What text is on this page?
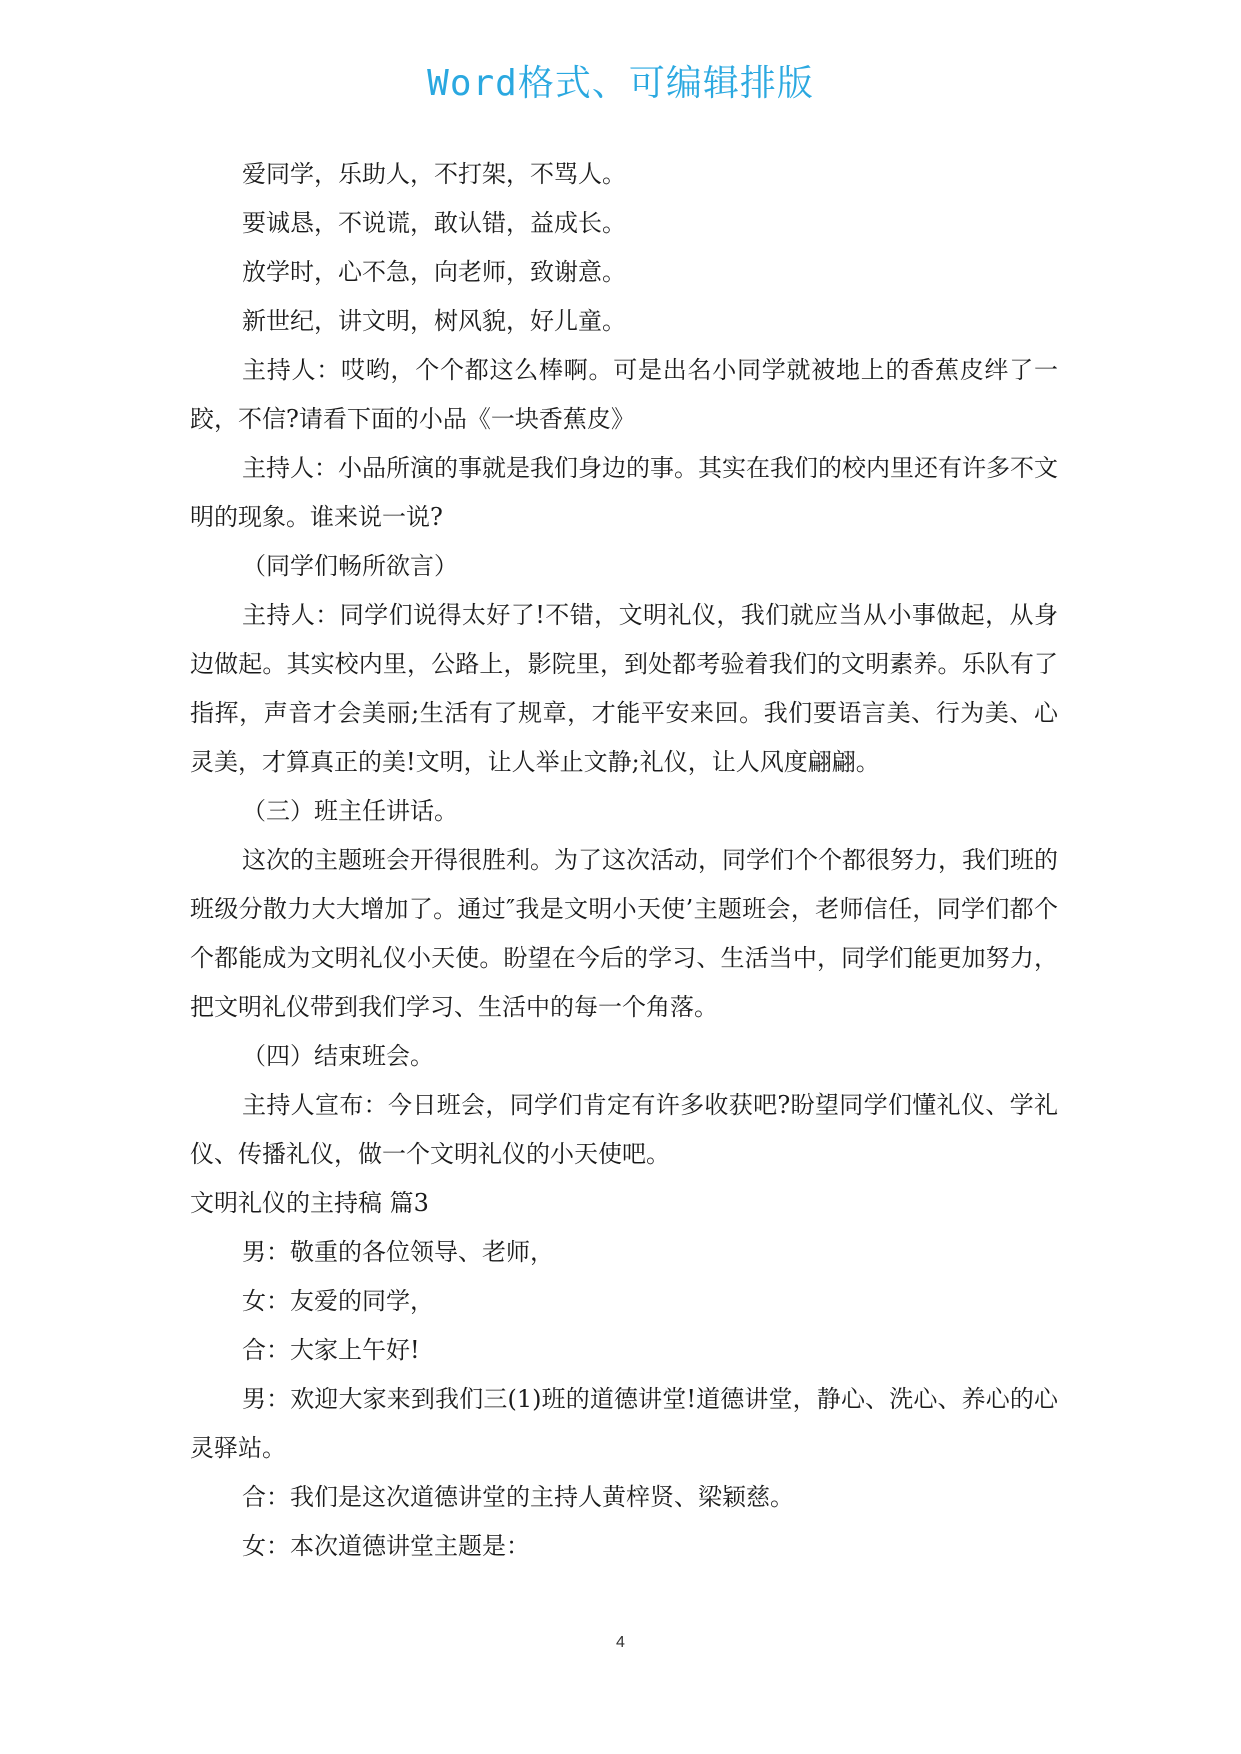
Word格式、可编辑排版

爱同学，乐助人，不打架，不骂人。

要诚恳，不说谎，敢认错，益成长。

放学时，心不急，向老师，致谢意。

新世纪，讲文明，树风貌，好儿童。

主持人：哎哟，个个都这么棒啊。可是出名小同学就被地上的香蕉皮绊了一跤，不信?请看下面的小品《一块香蕉皮》

主持人：小品所演的事就是我们身边的事。其实在我们的校内里还有许多不文明的现象。谁来说一说?

（同学们畅所欲言）

主持人：同学们说得太好了!不错，文明礼仪，我们就应当从小事做起，从身边做起。其实校内里，公路上，影院里，到处都考验着我们的文明素养。乐队有了指挥，声音才会美丽;生活有了规章，才能平安来回。我们要语言美、行为美、心灵美，才算真正的美!文明，让人举止文静;礼仪，让人风度翩翩。

（三）班主任讲话。

这次的主题班会开得很胜利。为了这次活动，同学们个个都很努力，我们班的班级分散力大大增加了。通过″我是文明小天使’主题班会，老师信任，同学们都个个都能成为文明礼仪小天使。盼望在今后的学习、生活当中，同学们能更加努力，把文明礼仪带到我们学习、生活中的每一个角落。

（四）结束班会。

主持人宣布：今日班会，同学们肯定有许多收获吧?盼望同学们懂礼仪、学礼仪、传播礼仪，做一个文明礼仪的小天使吧。

文明礼仪的主持稿 篇3

男：敬重的各位领导、老师，

女：友爱的同学，

合：大家上午好!

男：欢迎大家来到我们三(1)班的道德讲堂!道德讲堂，静心、洗心、养心的心灵驿站。

合：我们是这次道德讲堂的主持人黄梓贤、梁颖慈。

女：本次道德讲堂主题是：

4
